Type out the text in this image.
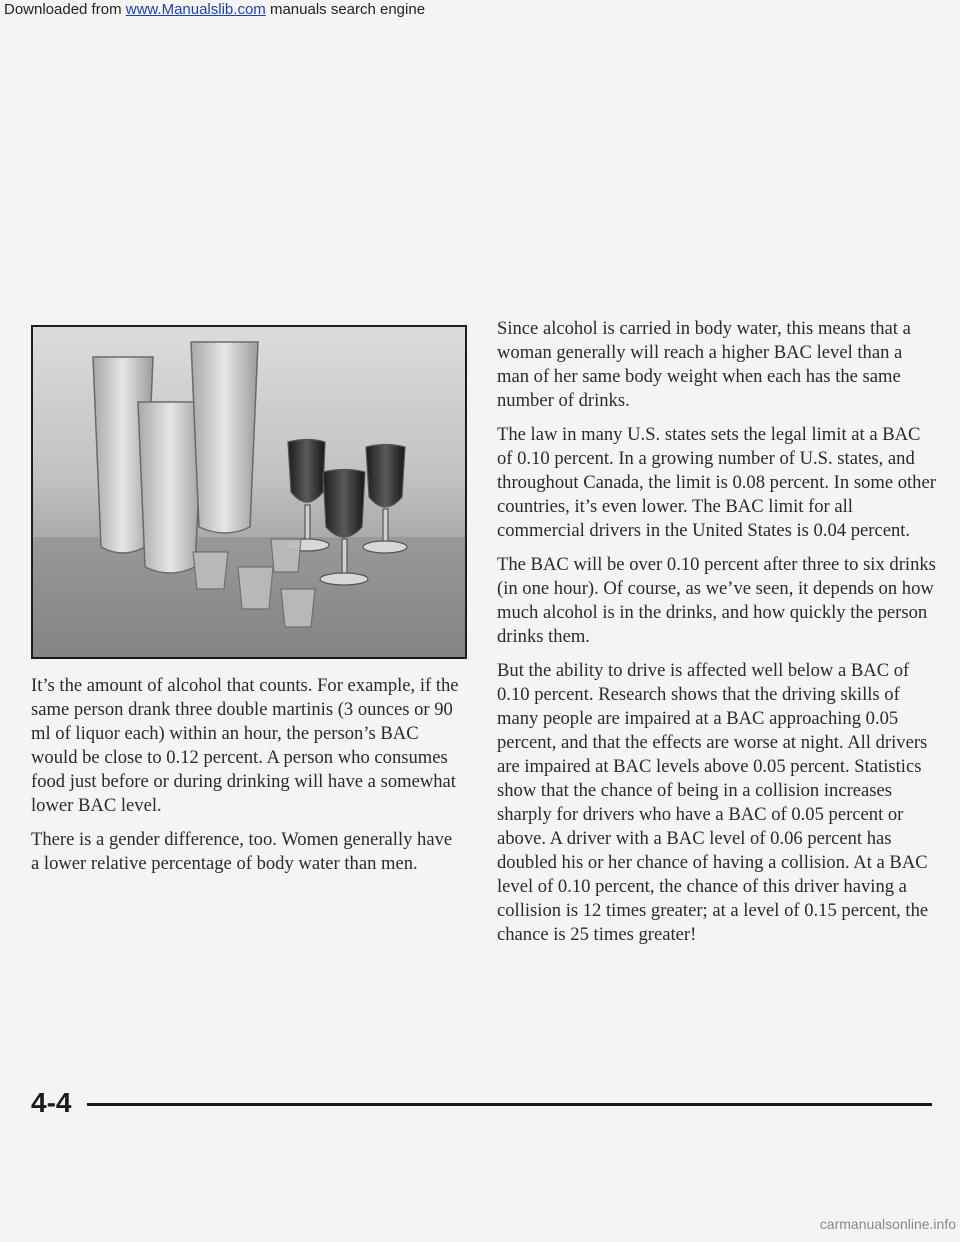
Downloaded from www.Manualslib.com manuals search engine

It’s the amount of alcohol that counts. For example, if the same person drank three double martinis (3 ounces or 90 ml of liquor each) within an hour, the person’s BAC would be close to 0.12 percent. A person who consumes food just before or during drinking will have a somewhat lower BAC level.

There is a gender difference, too. Women generally have a lower relative percentage of body water than men.

Since alcohol is carried in body water, this means that a woman generally will reach a higher BAC level than a man of her same body weight when each has the same number of drinks.

The law in many U.S. states sets the legal limit at a BAC of 0.10 percent. In a growing number of U.S. states, and throughout Canada, the limit is 0.08 percent. In some other countries, it’s even lower. The BAC limit for all commercial drivers in the United States is 0.04 percent.

The BAC will be over 0.10 percent after three to six drinks (in one hour). Of course, as we’ve seen, it depends on how much alcohol is in the drinks, and how quickly the person drinks them.

But the ability to drive is affected well below a BAC of 0.10 percent. Research shows that the driving skills of many people are impaired at a BAC approaching 0.05 percent, and that the effects are worse at night. All drivers are impaired at BAC levels above 0.05 percent. Statistics show that the chance of being in a collision increases sharply for drivers who have a BAC of 0.05 percent or above. A driver with a BAC level of 0.06 percent has doubled his or her chance of having a collision. At a BAC level of 0.10 percent, the chance of this driver having a collision is 12 times greater; at a level of 0.15 percent, the chance is 25 times greater!

4-4
carmanualsonline.info
